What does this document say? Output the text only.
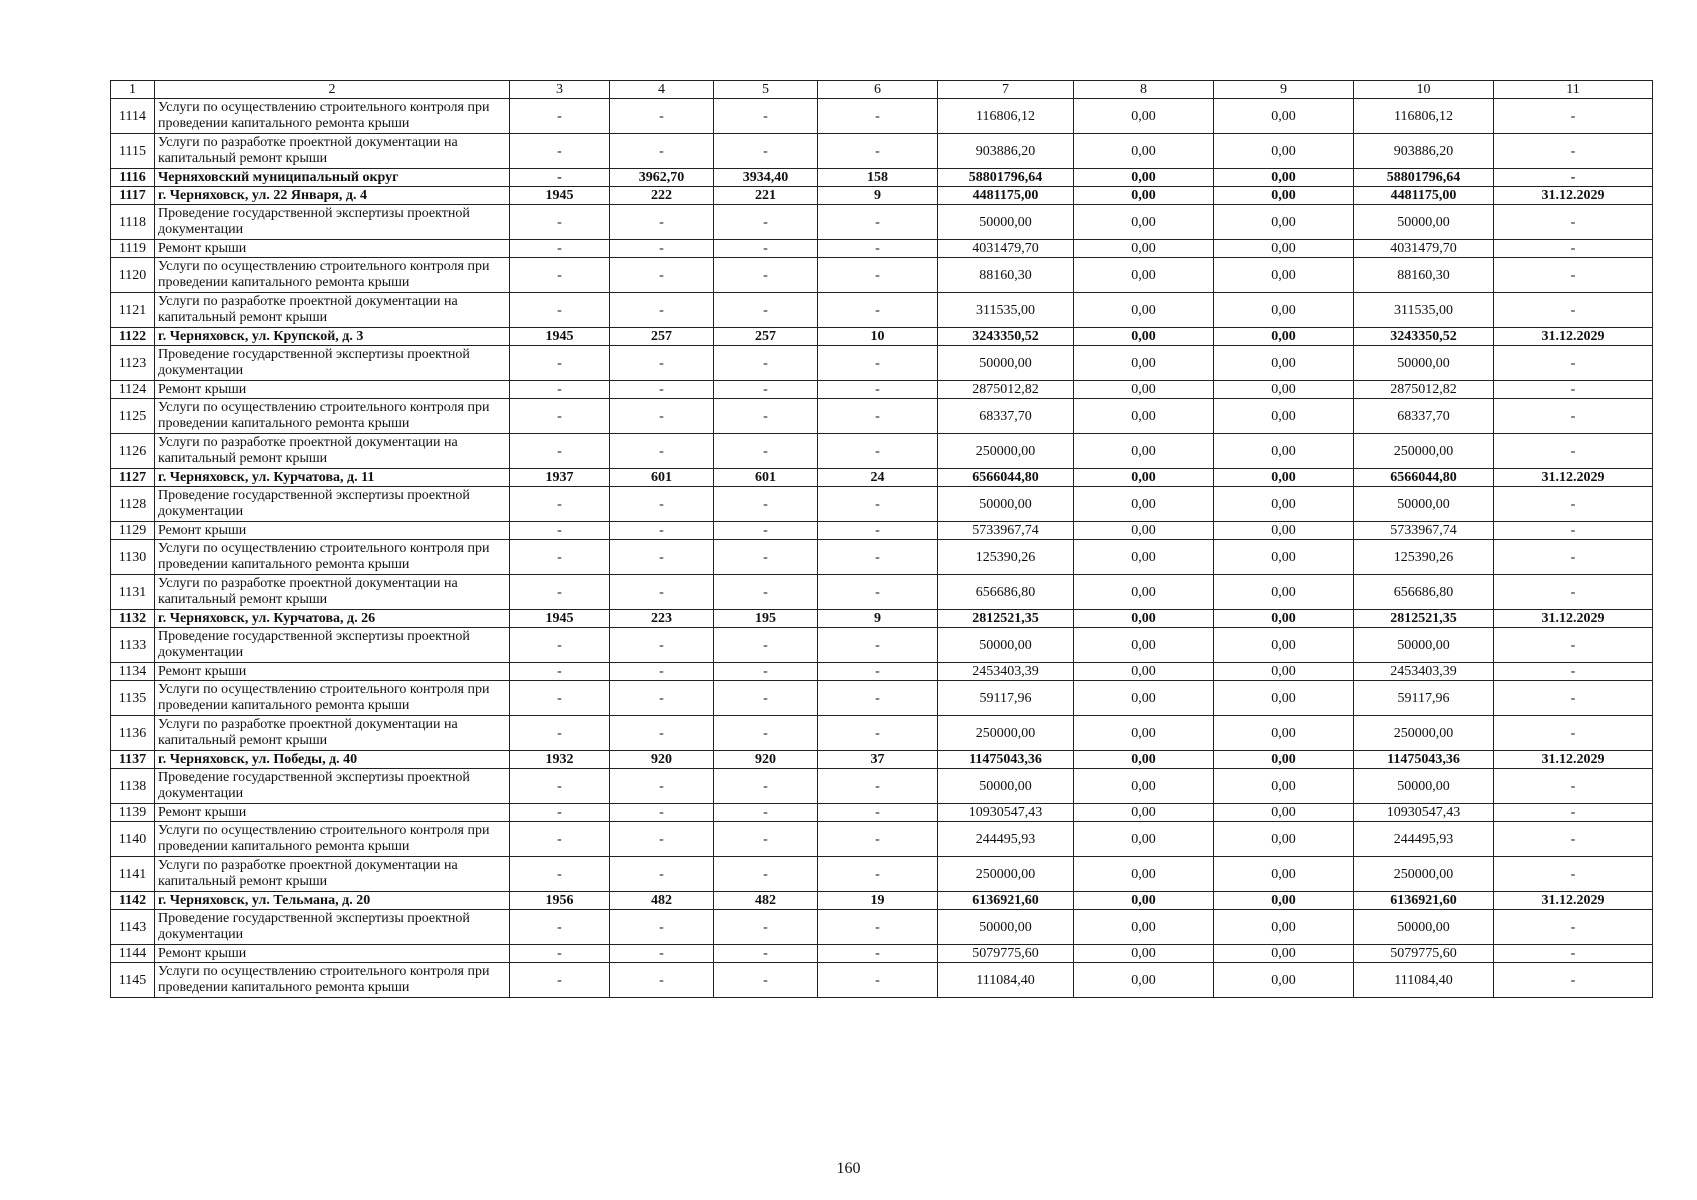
1	2	3	4	5	6	7	8	9	10	11
1114	Услуги по осуществлению строительного контроля при проведении капитального ремонта крыши	-	-	-	-	116806,12	0,00	0,00	116806,12	-
1115	Услуги по разработке проектной документации на капитальный ремонт крыши	-	-	-	-	903886,20	0,00	0,00	903886,20	-
1116	Черняховский муниципальный округ	-	3962,70	3934,40	158	58801796,64	0,00	0,00	58801796,64	-
1117	г. Черняховск, ул. 22 Января, д. 4	1945	222	221	9	4481175,00	0,00	0,00	4481175,00	31.12.2029
1118	Проведение государственной экспертизы проектной документации	-	-	-	-	50000,00	0,00	0,00	50000,00	-
1119	Ремонт крыши	-	-	-	-	4031479,70	0,00	0,00	4031479,70	-
1120	Услуги по осуществлению строительного контроля при проведении капитального ремонта крыши	-	-	-	-	88160,30	0,00	0,00	88160,30	-
1121	Услуги по разработке проектной документации на капитальный ремонт крыши	-	-	-	-	311535,00	0,00	0,00	311535,00	-
1122	г. Черняховск, ул. Крупской, д. 3	1945	257	257	10	3243350,52	0,00	0,00	3243350,52	31.12.2029
1123	Проведение государственной экспертизы проектной документации	-	-	-	-	50000,00	0,00	0,00	50000,00	-
1124	Ремонт крыши	-	-	-	-	2875012,82	0,00	0,00	2875012,82	-
1125	Услуги по осуществлению строительного контроля при проведении капитального ремонта крыши	-	-	-	-	68337,70	0,00	0,00	68337,70	-
1126	Услуги по разработке проектной документации на капитальный ремонт крыши	-	-	-	-	250000,00	0,00	0,00	250000,00	-
1127	г. Черняховск, ул. Курчатова, д. 11	1937	601	601	24	6566044,80	0,00	0,00	6566044,80	31.12.2029
1128	Проведение государственной экспертизы проектной документации	-	-	-	-	50000,00	0,00	0,00	50000,00	-
1129	Ремонт крыши	-	-	-	-	5733967,74	0,00	0,00	5733967,74	-
1130	Услуги по осуществлению строительного контроля при проведении капитального ремонта крыши	-	-	-	-	125390,26	0,00	0,00	125390,26	-
1131	Услуги по разработке проектной документации на капитальный ремонт крыши	-	-	-	-	656686,80	0,00	0,00	656686,80	-
1132	г. Черняховск, ул. Курчатова, д. 26	1945	223	195	9	2812521,35	0,00	0,00	2812521,35	31.12.2029
1133	Проведение государственной экспертизы проектной документации	-	-	-	-	50000,00	0,00	0,00	50000,00	-
1134	Ремонт крыши	-	-	-	-	2453403,39	0,00	0,00	2453403,39	-
1135	Услуги по осуществлению строительного контроля при проведении капитального ремонта крыши	-	-	-	-	59117,96	0,00	0,00	59117,96	-
1136	Услуги по разработке проектной документации на капитальный ремонт крыши	-	-	-	-	250000,00	0,00	0,00	250000,00	-
1137	г. Черняховск, ул. Победы, д. 40	1932	920	920	37	11475043,36	0,00	0,00	11475043,36	31.12.2029
1138	Проведение государственной экспертизы проектной документации	-	-	-	-	50000,00	0,00	0,00	50000,00	-
1139	Ремонт крыши	-	-	-	-	10930547,43	0,00	0,00	10930547,43	-
1140	Услуги по осуществлению строительного контроля при проведении капитального ремонта крыши	-	-	-	-	244495,93	0,00	0,00	244495,93	-
1141	Услуги по разработке проектной документации на капитальный ремонт крыши	-	-	-	-	250000,00	0,00	0,00	250000,00	-
1142	г. Черняховск, ул. Тельмана, д. 20	1956	482	482	19	6136921,60	0,00	0,00	6136921,60	31.12.2029
1143	Проведение государственной экспертизы проектной документации	-	-	-	-	50000,00	0,00	0,00	50000,00	-
1144	Ремонт крыши	-	-	-	-	5079775,60	0,00	0,00	5079775,60	-
1145	Услуги по осуществлению строительного контроля при проведении капитального ремонта крыши	-	-	-	-	111084,40	0,00	0,00	111084,40	-
160
